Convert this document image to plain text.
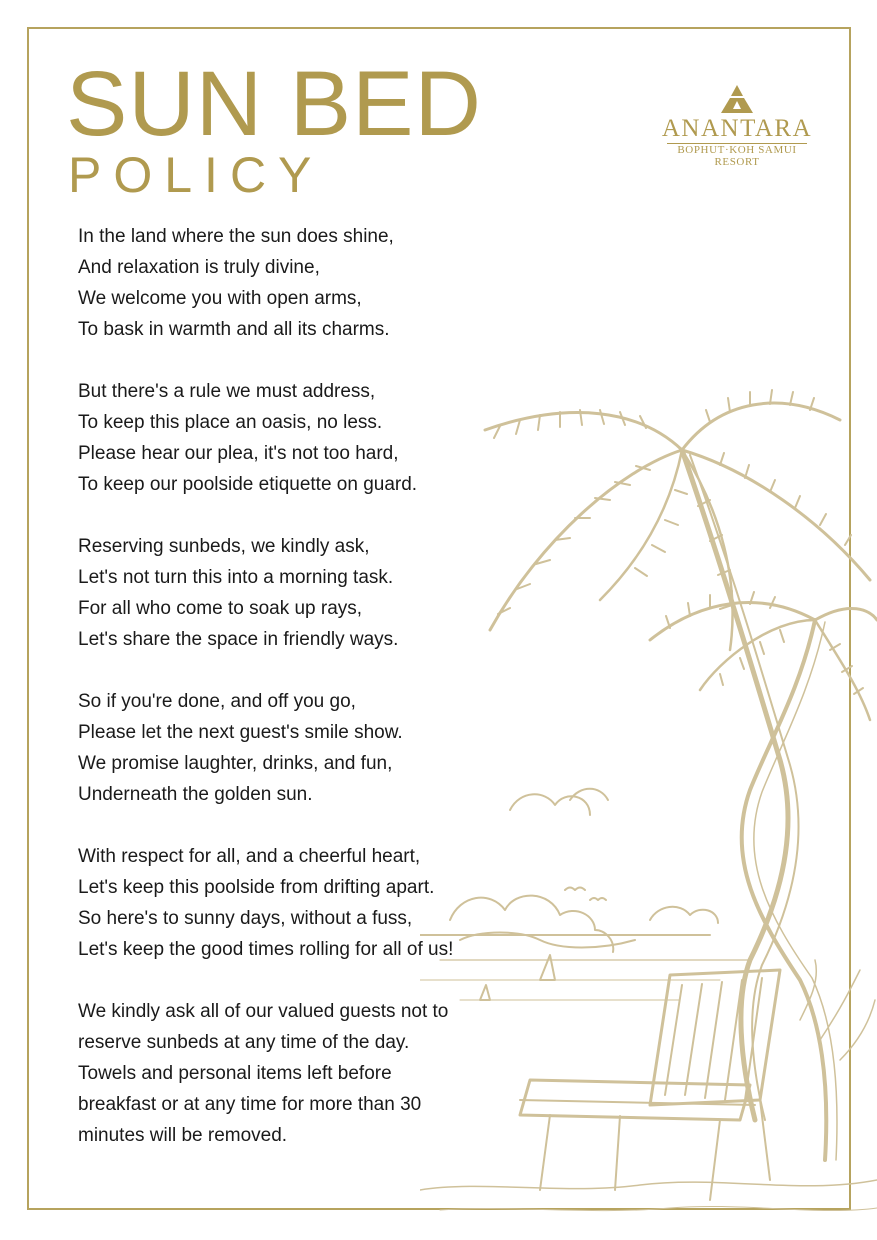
SUN BED
POLICY
ANANTARA
BOPHUT·KOH SAMUI
RESORT
In the land where the sun does shine,
And relaxation is truly divine,
We welcome you with open arms,
To bask in warmth and all its charms.
But there's a rule we must address,
To keep this place an oasis, no less.
Please hear our plea, it's not too hard,
To keep our poolside etiquette on guard.
Reserving sunbeds, we kindly ask,
Let's not turn this into a morning task.
For all who come to soak up rays,
Let's share the space in friendly ways.
So if you're done, and off you go,
Please let the next guest's smile show.
We promise laughter, drinks, and fun,
Underneath the golden sun.
With respect for all, and a cheerful heart,
Let's keep this poolside from drifting apart.
So here's to sunny days, without a fuss,
Let's keep the good times rolling for all of us!
We kindly ask all of our valued guests not to
reserve sunbeds at any time of the day.
Towels and personal items left before
breakfast or at any time for more than 30
minutes will be removed.
